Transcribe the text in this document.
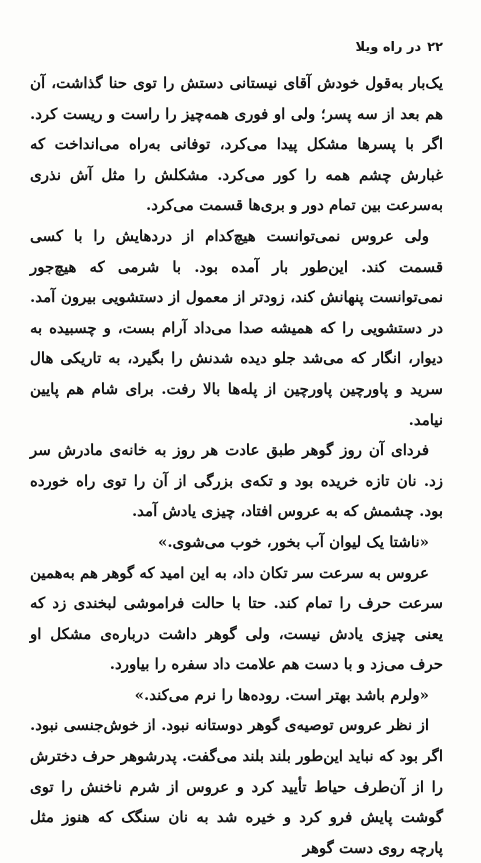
۲۲
در راه ویلا

یک‌بار به‌قول خودش آقای نیستانی دستش را توی حنا گذاشت، آن هم بعد از سه پسر؛ ولی او فوری همه‌چیز را راست و ریست کرد. اگر با پسرها مشکل پیدا می‌کرد، توفانی به‌راه می‌انداخت که غبارش چشم همه را کور می‌کرد. مشکلش را مثل آش نذری به‌سرعت بین تمام دور و بری‌ها قسمت می‌کرد.

ولی عروس نمی‌توانست هیچ‌کدام از دردهایش را با کسی قسمت کند. این‌طور بار آمده بود. با شرمی که هیچ‌جور نمی‌توانست پنهانش کند، زودتر از معمول از دستشویی بیرون آمد. در دستشویی را که همیشه صدا می‌داد آرام بست، و چسبیده به دیوار، انگار که می‌شد جلو دیده شدنش را بگیرد، به تاریکی هال سرید و پاورچین پاورچین از پله‌ها بالا رفت. برای شام هم پایین نیامد.

فردای آن روز گوهر طبق عادت هر روز به خانه‌ی مادرش سر زد. نان تازه خریده بود و تکه‌ی بزرگی از آن را توی راه خورده بود. چشمش که به عروس افتاد، چیزی یادش آمد.

«ناشتا یک لیوان آب بخور، خوب می‌شوی.»

عروس به سرعت سر تکان داد، به این امید که گوهر هم به‌همین سرعت حرف را تمام کند. حتا با حالت فراموشی لبخندی زد که یعنی چیزی یادش نیست، ولی گوهر داشت درباره‌ی مشکل او حرف می‌زد و با دست هم علامت داد سفره را بیاورد.

«ولرم باشد بهتر است. روده‌ها را نرم می‌کند.»

از نظر عروس توصیه‌ی گوهر دوستانه نبود. از خوش‌جنسی نبود. اگر بود که نباید این‌طور بلند بلند می‌گفت. پدرشوهر حرف دخترش را از آن‌طرف حیاط تأیید کرد و عروس از شرم ناخنش را توی گوشت پایش فرو کرد و خیره شد به نان سنگک که هنوز مثل پارچه روی دست گوهر
